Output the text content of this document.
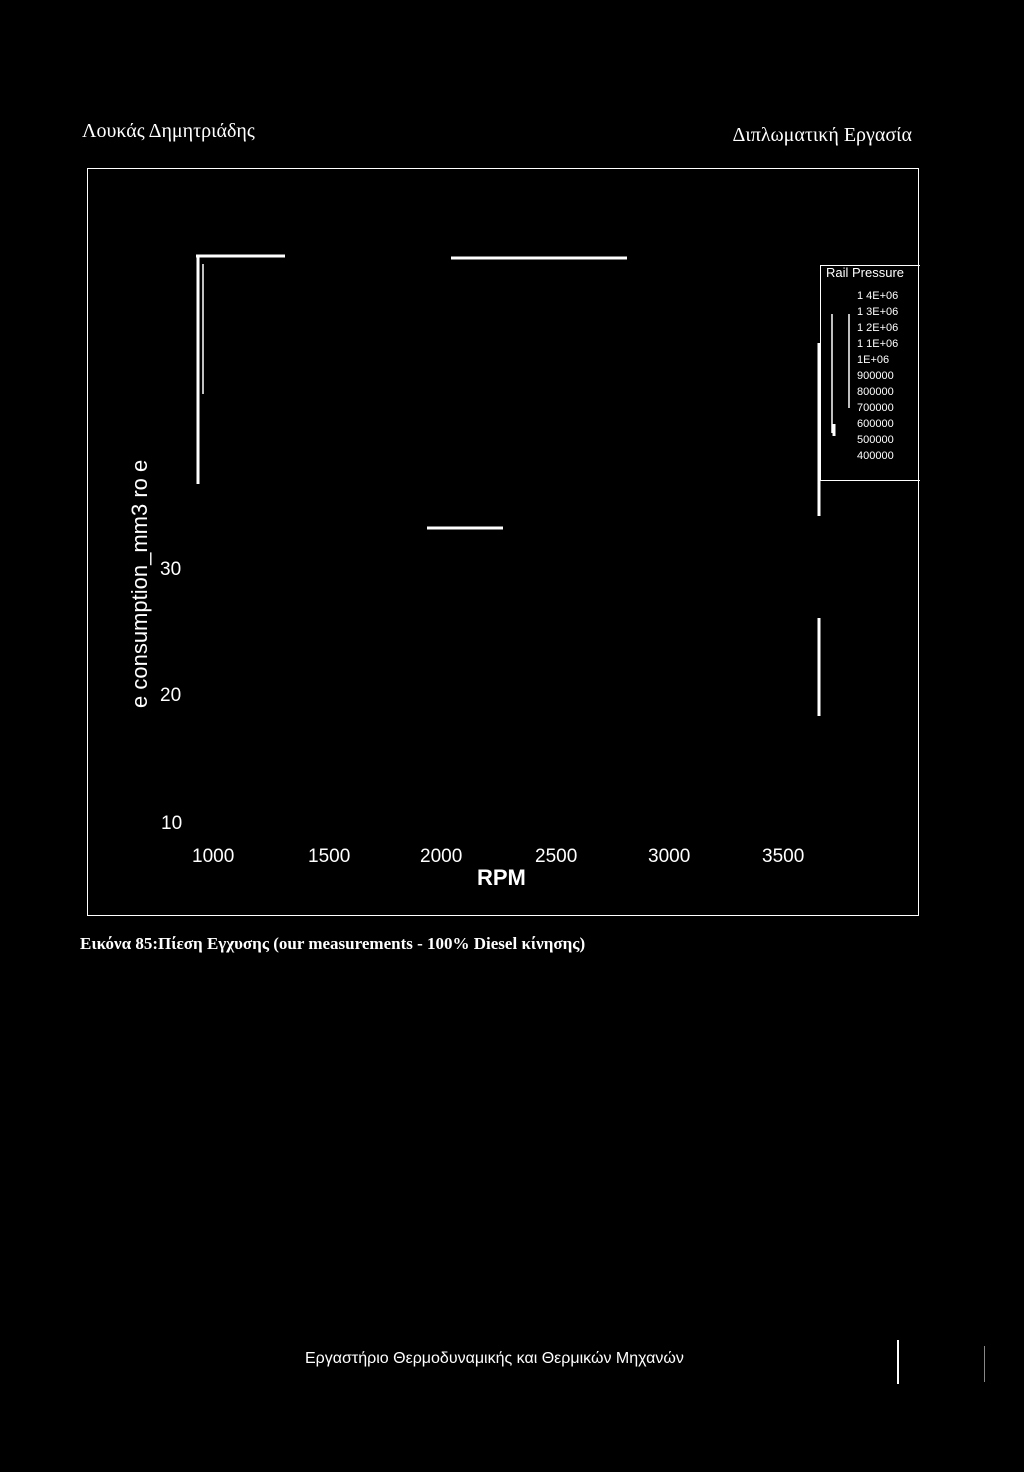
Λουκάς Δημητριάδης	Διπλωματική Εργασία
e consumption_mm3 ro e 30
20
10
1000	1500	2000	2500	3000	3500
RPM
Rail Pressure
1 4E+06
1 3E+06
1 2E+06
1 1E+06
1E+06
900000
800000
700000
600000
500000
400000
Εικόνα 85:Πίεση Εγχυσης (our measurements - 100% Diesel κίνησης)
Εργαστήριο Θερμοδυναμικής και Θερμικών Μηχανών
